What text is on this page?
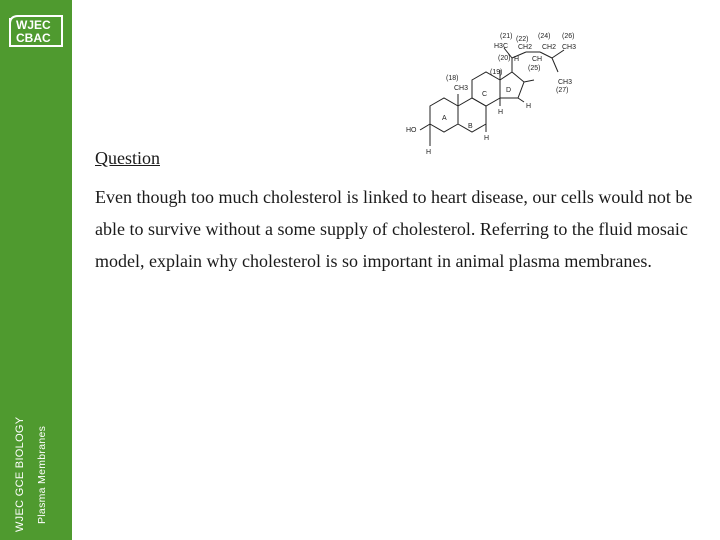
WJEC
CBAC
WJEC GCE BIOLOGY Plasma Membranes
(21) (22) (24) (26)
H3C CH2 CH2 CH3
(20) H CH
(25)
(18)
CH3
(27)
(19)
CH3
C
D
A
B
HO
H
H
H
H
Question

Even though too much cholesterol is linked to heart disease, our cells would not be able to survive without a some supply of cholesterol. Referring to the fluid mosaic model, explain why cholesterol is so important in animal plasma membranes.
